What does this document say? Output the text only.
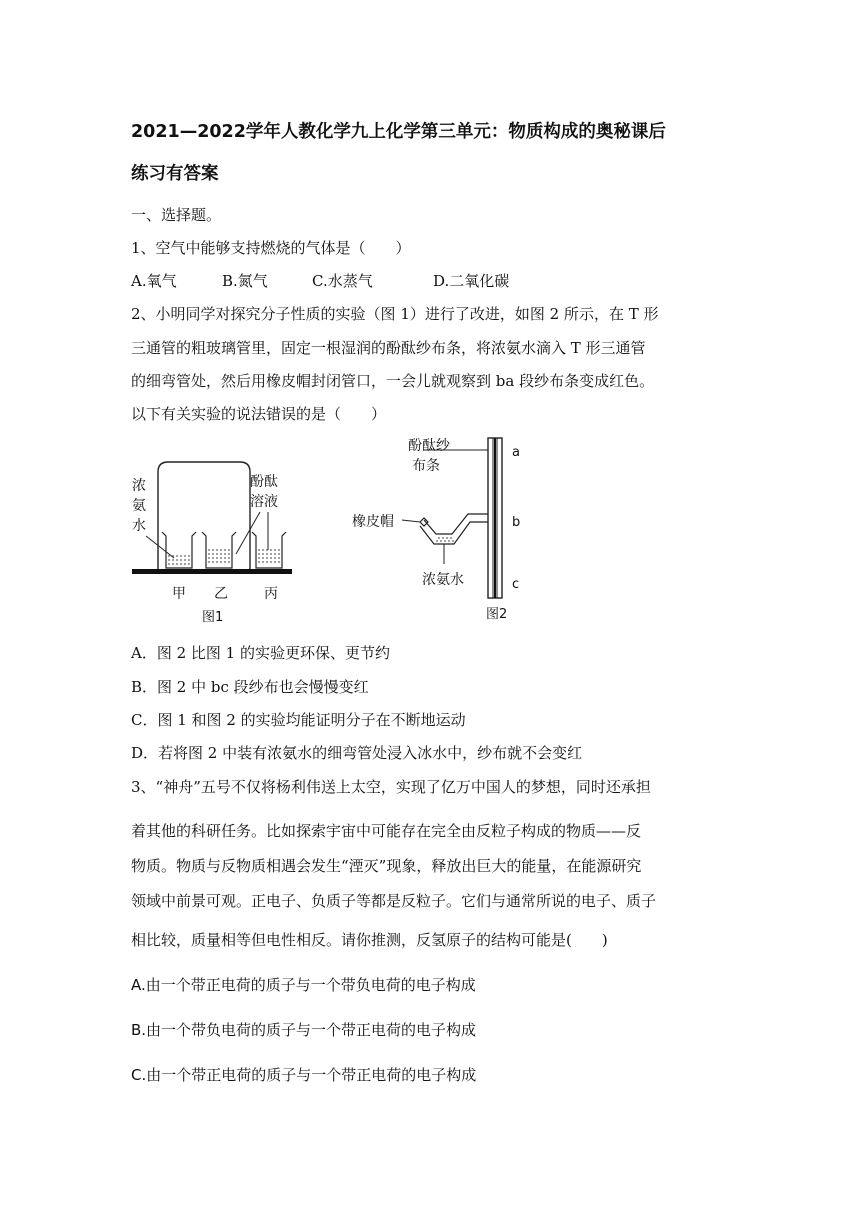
2021—2022学年人教化学九上化学第三单元：物质构成的奥秘课后
练习有答案
一、选择题。
1、空气中能够支持燃烧的气体是（　　）
A.氧气	B.氮气	C.水蒸气	D.二氧化碳
2、小明同学对探究分子性质的实验（图 1）进行了改进，如图 2 所示，在 T 形
三通管的粗玻璃管里，固定一根湿润的酚酞纱布条，将浓氨水滴入 T 形三通管
的细弯管处，然后用橡皮帽封闭管口，一会儿就观察到 ba 段纱布条变成红色。
以下有关实验的说法错误的是（　　）
浓
氨
水
酚酞
溶液
甲 乙	丙
图1
酚酞纱
布条
橡皮帽
浓氨水
a
b
c
图2
A．图 2 比图 1 的实验更环保、更节约
B．图 2 中 bc 段纱布也会慢慢变红
C．图 1 和图 2 的实验均能证明分子在不断地运动
D．若将图 2 中装有浓氨水的细弯管处浸入冰水中，纱布就不会变红
3、“神舟”五号不仅将杨利伟送上太空，实现了亿万中国人的梦想，同时还承担
着其他的科研任务。比如探索宇宙中可能存在完全由反粒子构成的物质——反
物质。物质与反物质相遇会发生“湮灭”现象，释放出巨大的能量，在能源研究
领域中前景可观。正电子、负质子等都是反粒子。它们与通常所说的电子、质子
相比较，质量相等但电性相反。请你推测，反氢原子的结构可能是(　　)
A.由一个带正电荷的质子与一个带负电荷的电子构成
B.由一个带负电荷的质子与一个带正电荷的电子构成
C.由一个带正电荷的质子与一个带正电荷的电子构成
